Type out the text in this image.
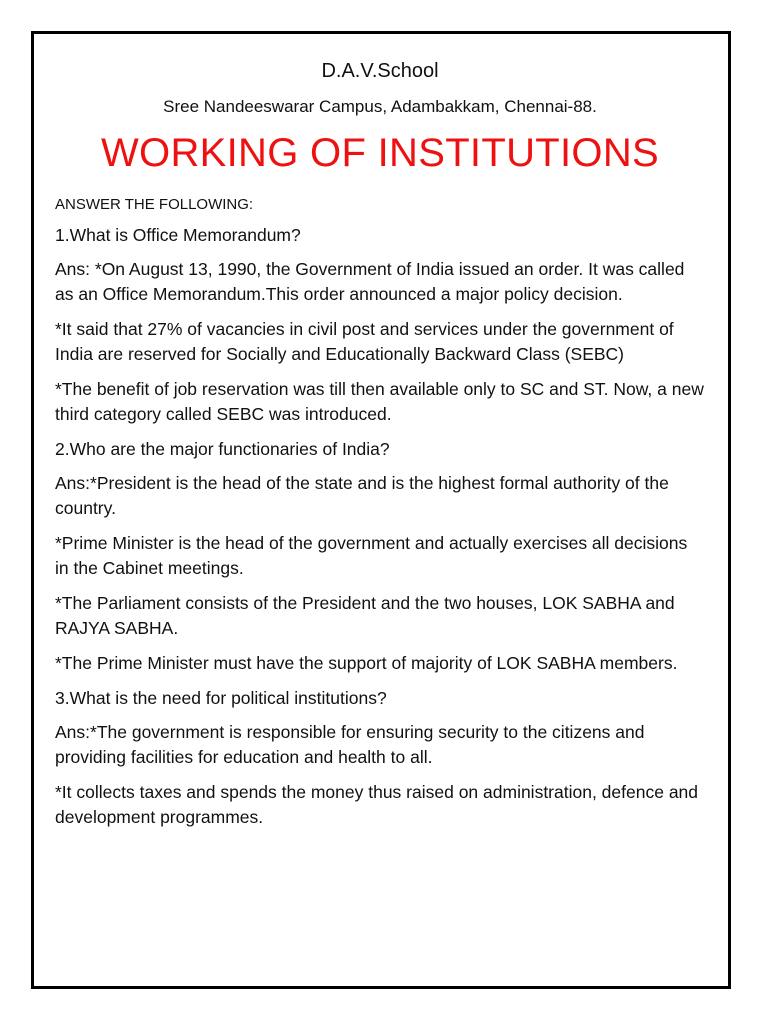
D.A.V.School
Sree Nandeeswarar Campus, Adambakkam, Chennai-88.
WORKING OF INSTITUTIONS
ANSWER THE FOLLOWING:
1.What is Office Memorandum?
Ans: *On August 13, 1990, the Government of India issued an order. It was called as an Office Memorandum.This order announced a major policy decision.
*It said that 27% of vacancies in civil post and services under the government of India are reserved for Socially and Educationally Backward Class (SEBC)
*The benefit of job reservation was till then available only to SC and ST. Now, a new third category called SEBC was introduced.
2.Who are the major functionaries of India?
Ans:*President is the head of the state and is the highest formal authority of the country.
*Prime Minister is the head of the government and actually exercises all decisions in the Cabinet meetings.
*The Parliament consists of the President and the two houses, LOK SABHA and RAJYA SABHA.
*The Prime Minister must have the support of majority of LOK SABHA members.
3.What is the need for political institutions?
Ans:*The government is responsible for ensuring security to the citizens and providing facilities for education and health to all.
*It collects taxes and spends the money thus raised on administration, defence and development programmes.
